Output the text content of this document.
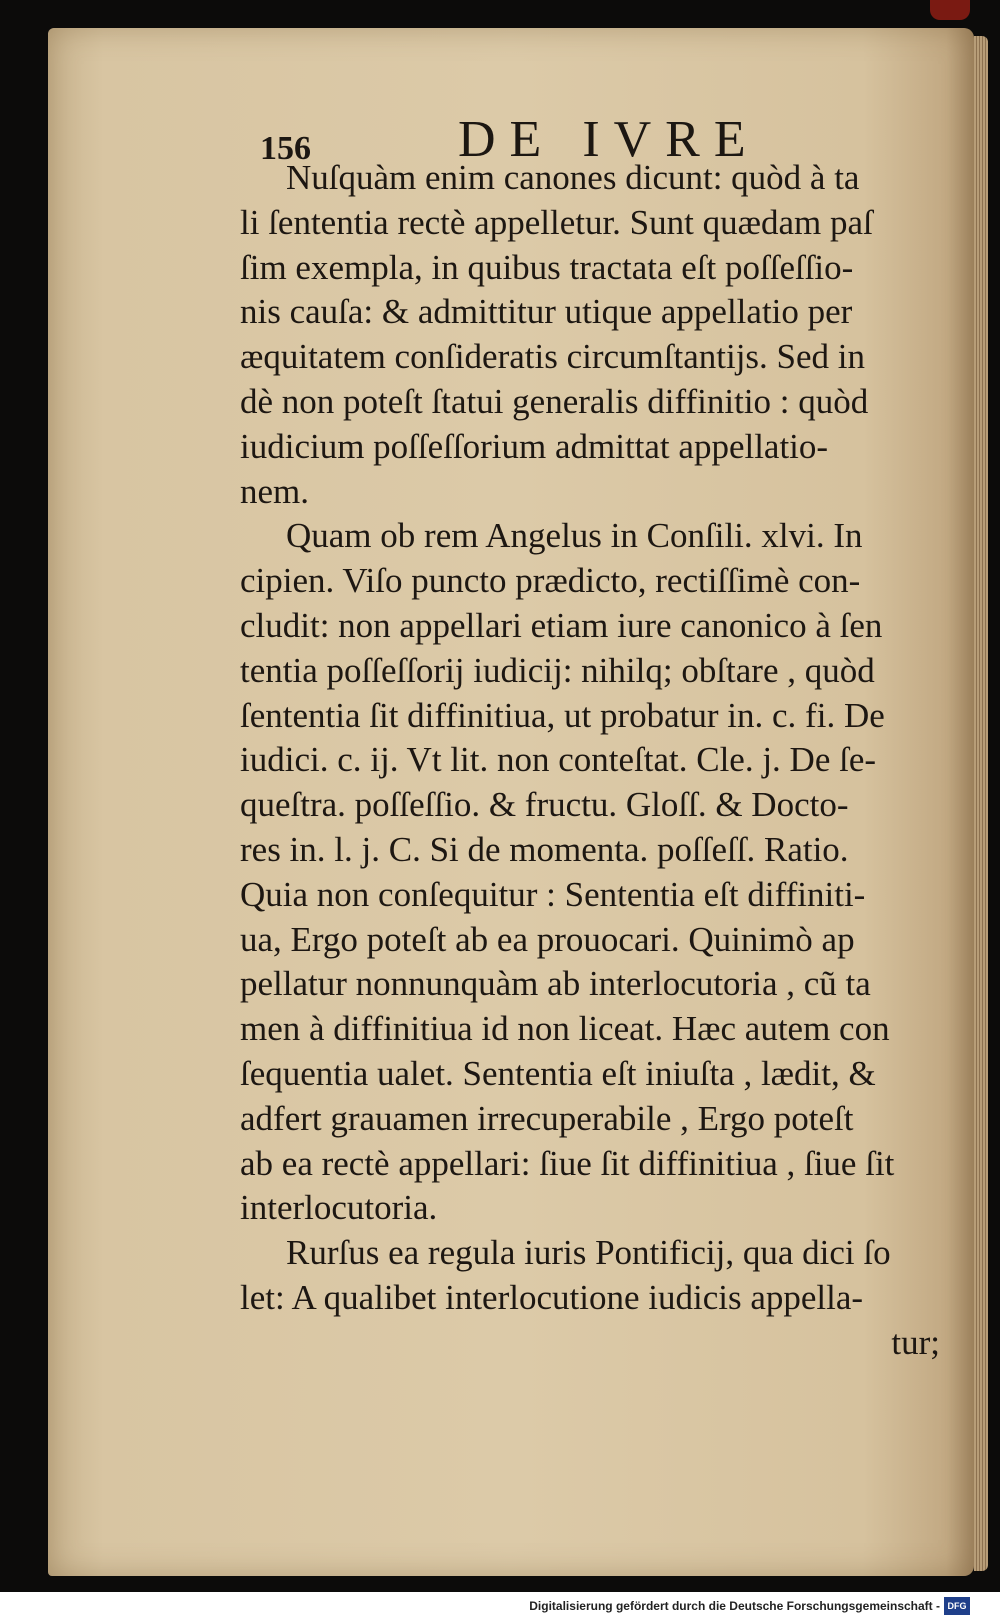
156	DE IVRE
Nuſquàm enim canones dicunt: quòd à ta
li ſententia rectè appelletur. Sunt quædam paſ
ſim exempla, in quibus tractata eſt poſſeſſio-
nis cauſa: & admittitur utique appellatio per
æquitatem conſideratis circumſtantijs. Sed in
dè non poteſt ſtatui generalis diffinitio : quòd
iudicium poſſeſſorium admittat appellatio-
nem.
Quam ob rem Angelus in Conſili. xlvi. In
cipien. Viſo puncto prædicto, rectiſſimè con-
cludit: non appellari etiam iure canonico à ſen
tentia poſſeſſorij iudicij: nihilq; obſtare , quòd
ſententia ſit diffinitiua, ut probatur in. c. fi. De
iudici. c. ij. Vt lit. non conteſtat. Cle. j. De ſe-
queſtra. poſſeſſio. & fructu. Gloſſ. & Docto-
res in. l. j. C. Si de momenta. poſſeſſ. Ratio.
Quia non conſequitur : Sententia eſt diffiniti-
ua, Ergo poteſt ab ea prouocari. Quinimò ap
pellatur nonnunquàm ab interlocutoria , cũ ta
men à diffinitiua id non liceat. Hæc autem con
ſequentia ualet. Sententia eſt iniuſta , lædit, &
adfert grauamen irrecuperabile , Ergo poteſt
ab ea rectè appellari: ſiue ſit diffinitiua , ſiue ſit
interlocutoria.
Rurſus ea regula iuris Pontificij, qua dici ſo
let: A qualibet interlocutione iudicis appella-
tur;
Digitalisierung gefördert durch die Deutsche Forschungsgemeinschaft - DFG
